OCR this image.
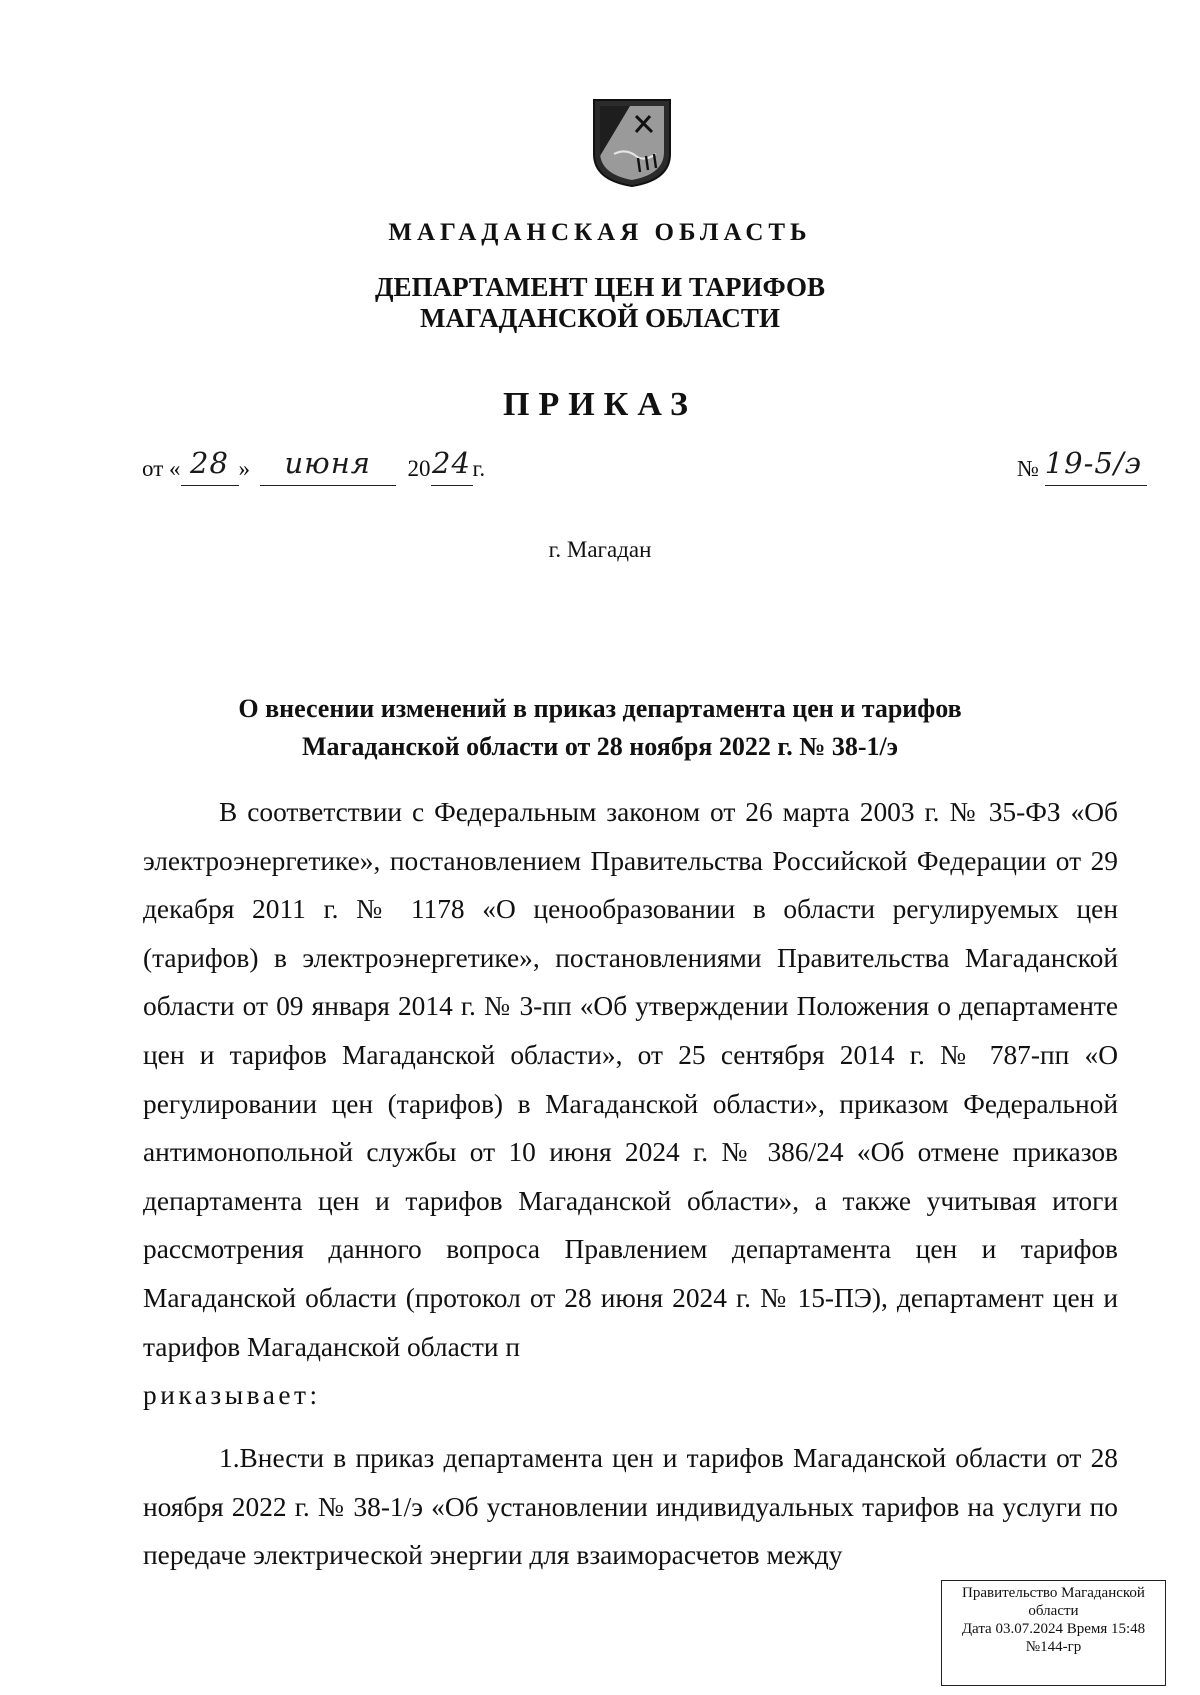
МАГАДАНСКАЯ ОБЛАСТЬ

ДЕПАРТАМЕНТ ЦЕН И ТАРИФОВ
МАГАДАНСКОЙ ОБЛАСТИ

ПРИКАЗ

от « 28 » июня 2024г.	№ 19-5/э

г. Магадан

О внесении изменений в приказ департамента цен и тарифов
Магаданской области от 28 ноября 2022 г. № 38-1/э
В соответствии с Федеральным законом от 26 марта 2003 г. № 35-ФЗ «Об электроэнергетике», постановлением Правительства Российской Федерации от 29 декабря 2011 г. № 1178 «О ценообразовании в области регулируемых цен (тарифов) в электроэнергетике», постановлениями Правительства Магаданской области от 09 января 2014 г. № 3-пп «Об утверждении Положения о департаменте цен и тарифов Магаданской области», от 25 сентября 2014 г. № 787-пп «О регулировании цен (тарифов) в Магаданской области», приказом Федеральной антимонопольной службы от 10 июня 2024 г. № 386/24 «Об отмене приказов департамента цен и тарифов Магаданской области», а также учитывая итоги рассмотрения данного вопроса Правлением департамента цен и тарифов Магаданской области (протокол от 28 июня 2024 г. № 15-ПЭ), департамент цен и тарифов Магаданской области п
риказывает:

1.Внести в приказ департамента цен и тарифов Магаданской области от 28 ноября 2022 г. № 38-1/э «Об установлении индивидуальных тарифов на услуги по передаче электрической энергии для взаиморасчетов между

Правительство Магаданской
области
Дата 03.07.2024 Время 15:48
№144-гр
